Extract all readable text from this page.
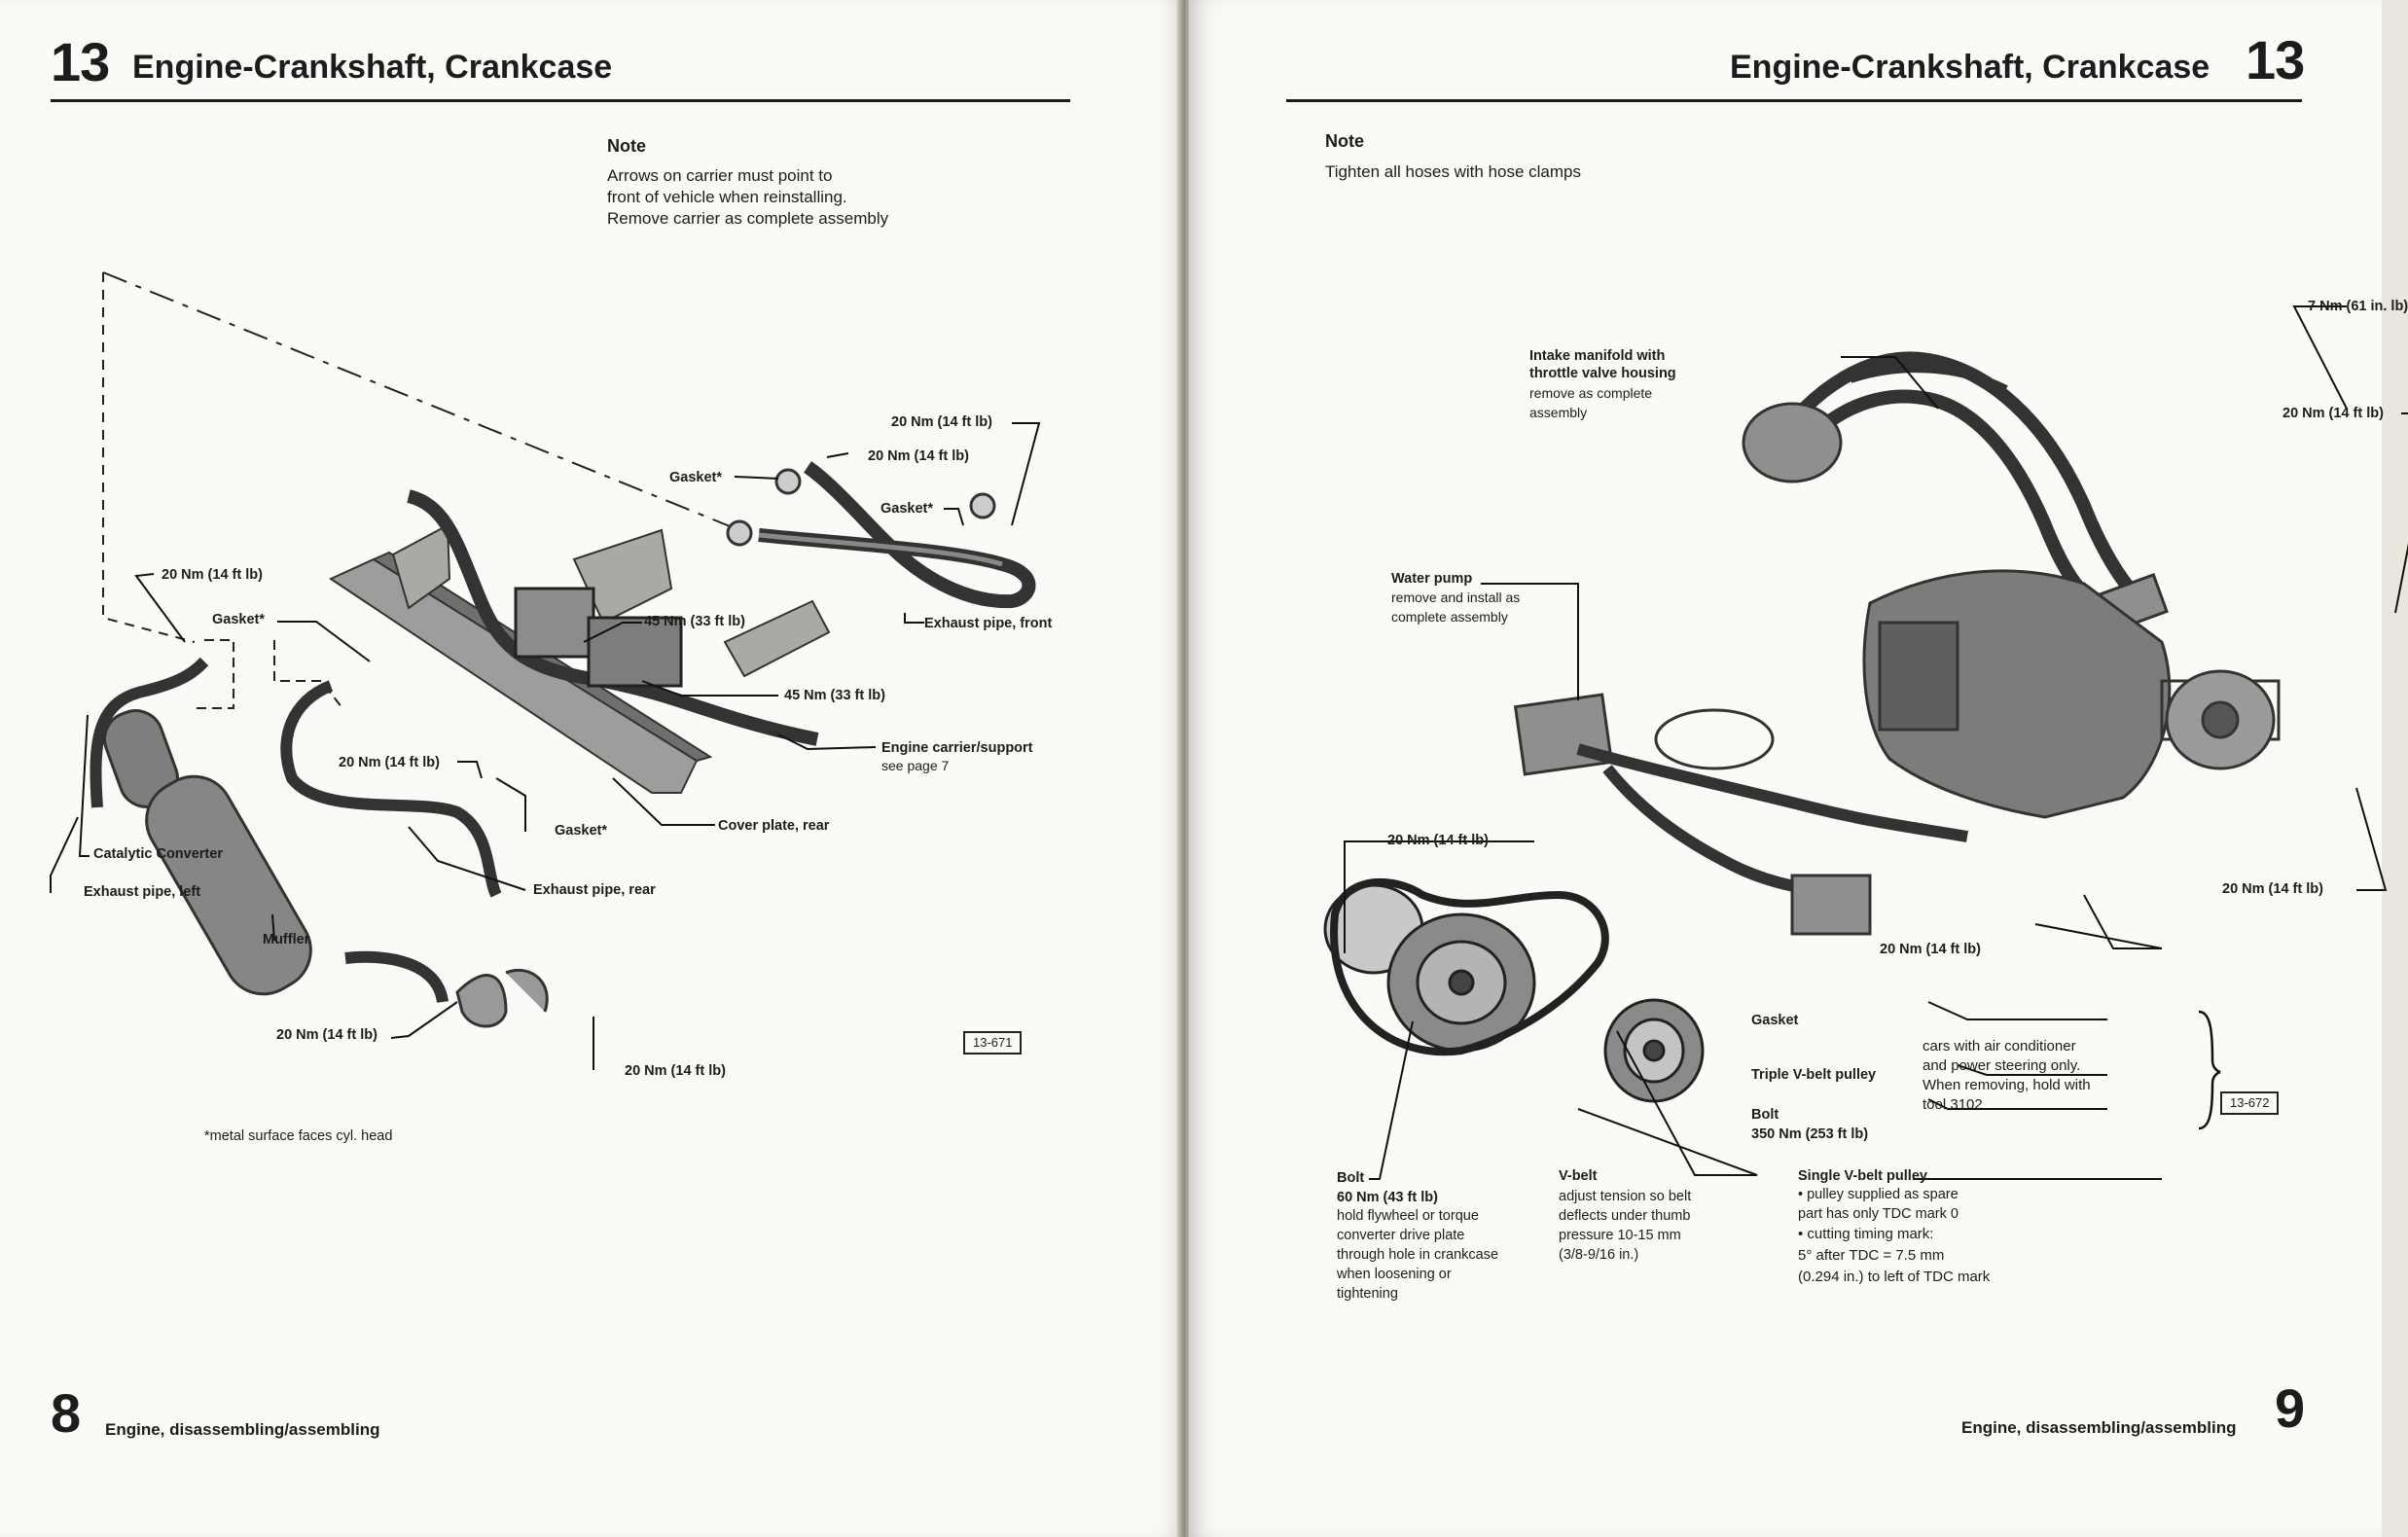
13 Engine-Crankshaft, Crankcase
Note
Arrows on carrier must point to
front of vehicle when reinstalling.
Remove carrier as complete assembly
20 Nm (14 ft lb)
20 Nm (14 ft lb)
Gasket*
Gasket*
20 Nm (14 ft lb)
Gasket*	45 Nm (33 ft lb)	Exhaust pipe, front
45 Nm (33 ft lb)
Engine carrier/support
see page 7
20 Nm (14 ft lb)
Gasket*	Cover plate, rear
Catalytic Converter
Exhaust pipe, left	Exhaust pipe, rear
Muffler
20 Nm (14 ft lb)
20 Nm (14 ft lb)
13-671
*metal surface faces cyl. head
8 Engine, disassembling/assembling
Engine-Crankshaft, Crankcase 13
Note
Tighten all hoses with hose clamps
7 Nm (61 in. lb)
Intake manifold with
throttle valve housing
remove as complete
assembly	20 Nm (14 ft lb)
Water pump
remove and install as
complete assembly
20 Nm (14 ft lb)
20 Nm (14 ft lb)
20 Nm (14 ft lb)
Gasket
Triple V-belt pulley
Bolt
350 Nm (253 ft lb)
cars with air conditioner
and power steering only.
When removing, hold with
tool 3102
Bolt
60 Nm (43 ft lb)
hold flywheel or torque
converter drive plate
through hole in crankcase
when loosening or
tightening
V-belt
adjust tension so belt
deflects under thumb
pressure 10-15 mm
(3/8-9/16 in.)
Single V-belt pulley
• pulley supplied as spare
part has only TDC mark 0
• cutting timing mark:
5° after TDC = 7.5 mm
(0.294 in.) to left of TDC mark
13-672
Engine, disassembling/assembling 9
